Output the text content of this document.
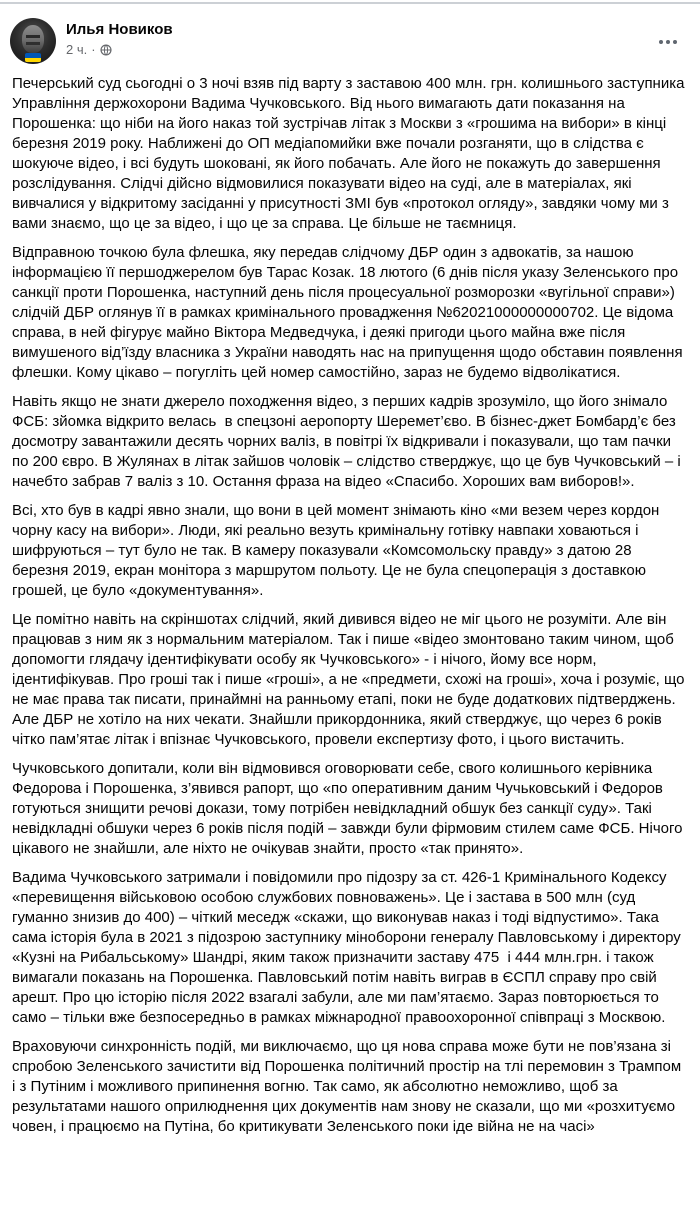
Илья Новиков
2 ч. ·

Печерський суд сьогодні о 3 ночі взяв під варту з заставою 400 млн. грн. колишнього заступника Управління держохорони Вадима Чучковського. Від нього вимагають дати показання на Порошенка: що ніби на його наказ той зустрічав літак з Москви з «грошима на вибори» в кінці березня 2019 року. Наближені до ОП медіапомийки вже почали розганяти, що в слідства є шокуюче відео, і всі будуть шоковані, як його побачать. Але його не покажуть до завершення розслідування. Слідчі дійсно відмовилися показувати відео на суді, але в матеріалах, які вивчалися у відкритому засіданні у присутності ЗМІ був «протокол огляду», завдяки чому ми з вами знаємо, що це за відео, і що це за справа. Це більше не таємниця.

Відправною точкою була флешка, яку передав слідчому ДБР один з адвокатів, за нашою інформацією її першоджерелом був Тарас Козак. 18 лютого (6 днів після указу Зеленського про санкції проти Порошенка, наступний день після процесуальної розморозки «вугільної справи») слідчій ДБР оглянув її в рамках кримінального провадження №62021000000000702. Це відома справа, в ней фігурує майно Віктора Медведчука, і деякі пригоди цього майна вже після вимушеного від’їзду власника з України наводять нас на припущення щодо обставин появлення флешки. Кому цікаво – погугліть цей номер самостійно, зараз не будемо відволікатися.

Навіть якщо не знати джерело походження відео, з перших кадрів зрозуміло, що його знімало ФСБ: зйомка відкрито велась  в спецзоні аеропорту Шеремет’єво. В бізнес-джет Бомбард’є без досмотру завантажили десять чорних валіз, в повітрі їх відкривали і показували, що там пачки по 200 євро. В Жулянах в літак зайшов чоловік – слідство стверджує, що це був Чучковський – і начебто забрав 7 валіз з 10. Остання фраза на відео «Спасибо. Хороших вам виборов!».

Всі, хто був в кадрі явно знали, що вони в цей момент знімають кіно «ми везем через кордон чорну касу на вибори». Люди, які реально везуть кримінальну готівку навпаки ховаються і шифруються – тут було не так. В камеру показували «Комсомольску правду» з датою 28 березня 2019, екран монітора з маршрутом польоту. Це не була спецоперація з доставкою грошей, це було «документування».

Це помітно навіть на скріншотах слідчий, який дивився відео не міг цього не розуміти. Але він працював з ним як з нормальним матеріалом. Так і пише «відео змонтовано таким чином, щоб допомогти глядачу ідентифікувати особу як Чучковського» - і нічого, йому все норм, ідентифікував. Про гроші так і пише «гроші», а не «предмети, схожі на гроші», хоча і розуміє, що не має права так писати, принаймні на ранньому етапі, поки не буде додаткових підтверджень. Але ДБР не хотіло на них чекати. Знайшли прикордонника, який стверджує, що через 6 років чітко пам’ятає літак і впізнає Чучковського, провели експертизу фото, і цього вистачить.

Чучковського допитали, коли він відмовився оговорювати себе, свого колишнього керівника Федорова і Порошенка, з’явився рапорт, що «по оперативним даним Чучьковський і Федоров готуються знищити речові докази, тому потрібен невідкладний обшук без санкції суду». Такі невідкладні обшуки через 6 років після подій – завжди були фірмовим стилем саме ФСБ. Нічого цікавого не знайшли, але ніхто не очікував знайти, просто «так принято».

Вадима Чучковського затримали і повідомили про підозру за ст. 426-1 Кримінального Кодексу «перевищення військовою особою службових повноважень». Це і застава в 500 млн (суд гуманно знизив до 400) – чіткий меседж «скажи, що виконував наказ і тоді відпустимо». Така сама історія була в 2021 з підозрою заступнику міноборони генералу Павловському і директору «Кузні на Рибальському» Шандрі, яким також призначити заставу 475  і 444 млн.грн. і також вимагали показань на Порошенка. Павловський потім навіть виграв в ЄСПЛ справу про свій арешт. Про цю історію після 2022 взагалі забули, але ми пам’ятаємо. Зараз повторюється то само – тільки вже безпосередньо в рамках міжнародної правоохоронної співпраці з Москвою.

Враховуючи синхронність подій, ми виключаємо, що ця нова справа може бути не пов’язана зі спробою Зеленського зачистити від Порошенка політичний простір на тлі перемовин з Трампом і з Путіним і можливого припинення вогню. Так само, як абсолютно неможливо, щоб за результатами нашого оприлюднення цих документів нам знову не сказали, що ми «розхитуємо човен, і працюємо на Путіна, бо критикувати Зеленського поки іде війна не на часі»
